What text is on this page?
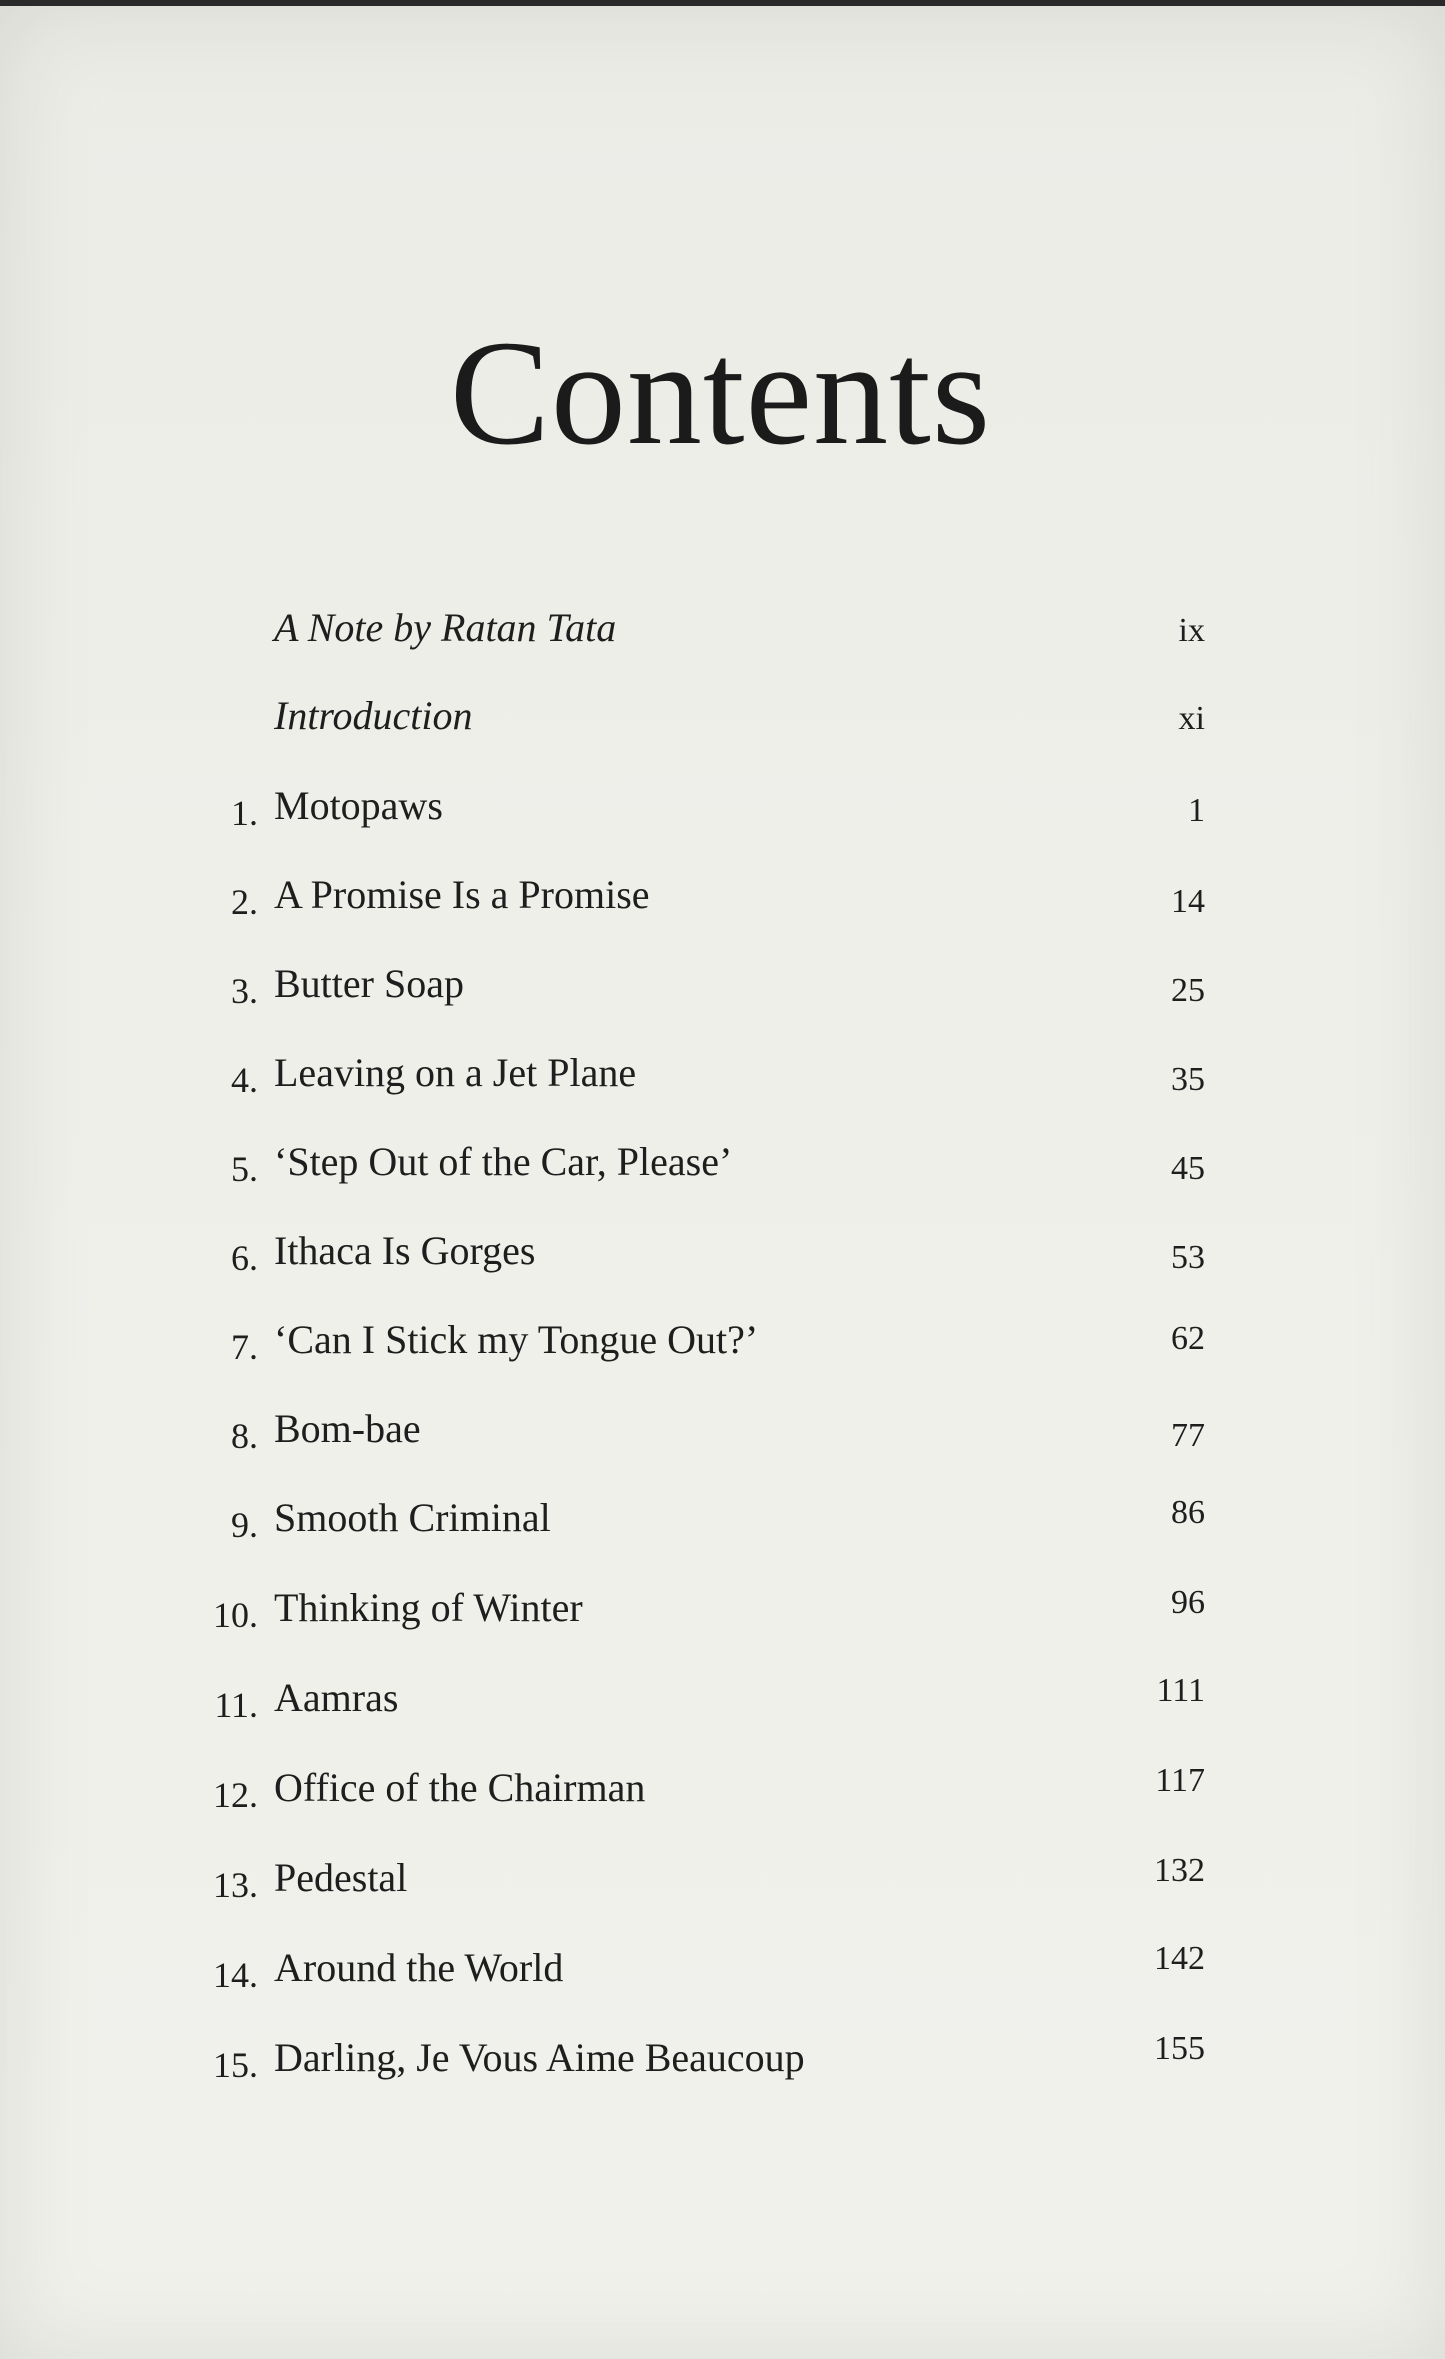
Contents
A Note by Ratan Tata	ix
Introduction	xi
1. Motopaws	1
2. A Promise Is a Promise	14
3. Butter Soap	25
4. Leaving on a Jet Plane	35
5. ‘Step Out of the Car, Please’	45
6. Ithaca Is Gorges	53
7. ‘Can I Stick my Tongue Out?’	62
8. Bom-bae	77
9. Smooth Criminal	86
10. Thinking of Winter	96
11. Aamras	111
12. Office of the Chairman	117
13. Pedestal	132
14. Around the World	142
15. Darling, Je Vous Aime Beaucoup	155
